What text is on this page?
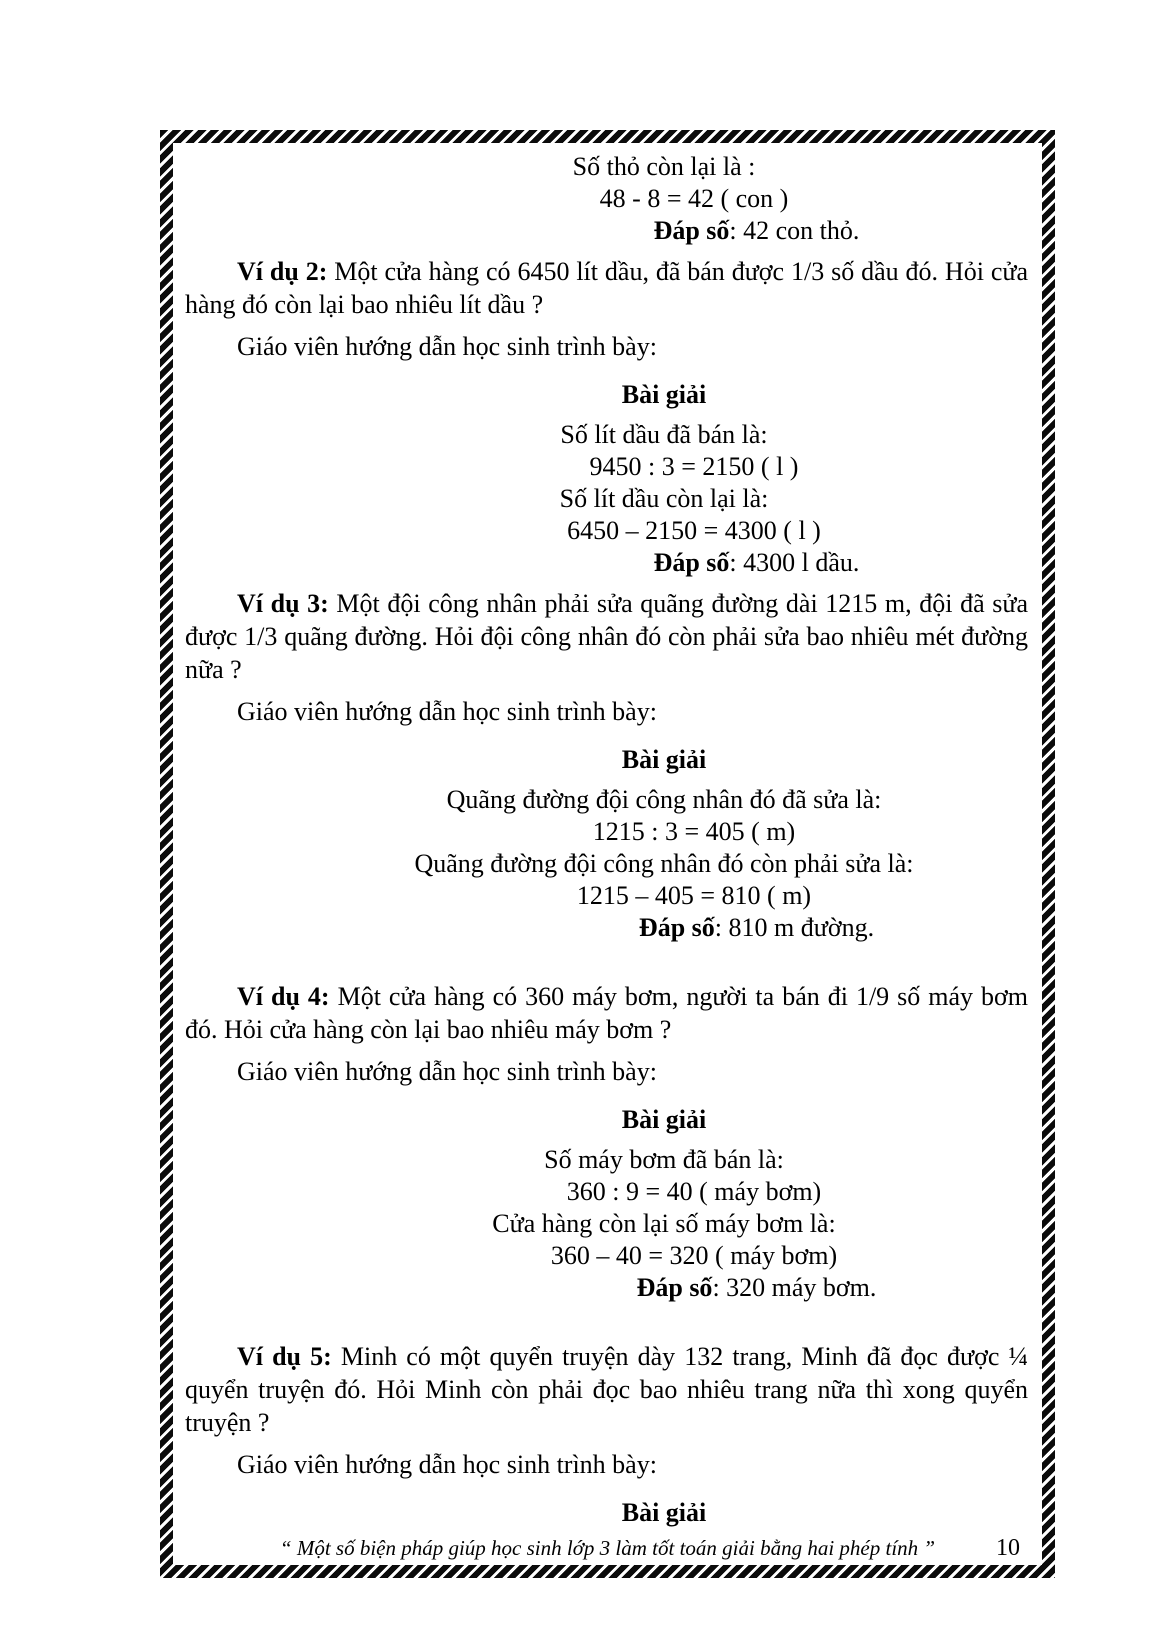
Số thỏ còn lại là :
48 - 8 = 42 ( con )
Đáp số: 42 con thỏ.
Ví dụ 2: Một cửa hàng có 6450 lít dầu, đã bán được 1/3 số dầu đó. Hỏi cửa hàng đó còn lại bao nhiêu lít dầu ?
Giáo viên hướng dẫn học sinh trình bày:
Bài giải
Số lít dầu đã bán là:
9450 : 3 = 2150 ( l )
Số lít dầu còn lại là:
6450 – 2150 = 4300 ( l )
Đáp số: 4300 l dầu.
Ví dụ 3: Một đội công nhân phải sửa quãng đường dài 1215 m, đội đã sửa được 1/3 quãng đường. Hỏi đội công nhân đó còn phải sửa bao nhiêu mét đường nữa ?
Giáo viên hướng dẫn học sinh trình bày:
Bài giải
Quãng đường đội công nhân đó đã sửa là:
1215 : 3 = 405 ( m)
Quãng đường đội công nhân đó còn phải sửa là:
1215 – 405 = 810 ( m)
Đáp số: 810 m đường.
Ví dụ 4: Một cửa hàng có 360 máy bơm, người ta bán đi 1/9 số máy bơm đó. Hỏi cửa hàng còn lại bao nhiêu máy bơm ?
Giáo viên hướng dẫn học sinh trình bày:
Bài giải
Số máy bơm đã bán là:
360 : 9 = 40 ( máy bơm)
Cửa hàng còn lại số máy bơm là:
360 – 40 = 320 ( máy bơm)
Đáp số: 320 máy bơm.
Ví dụ 5: Minh có một quyển truyện dày 132 trang, Minh đã đọc được ¼ quyển truyện đó. Hỏi Minh còn phải đọc bao nhiêu trang nữa thì xong quyển truyện ?
Giáo viên hướng dẫn học sinh trình bày:
Bài giải
“ Một số biện pháp giúp học sinh lớp 3 làm tốt toán giải bằng hai phép tính ”	10
